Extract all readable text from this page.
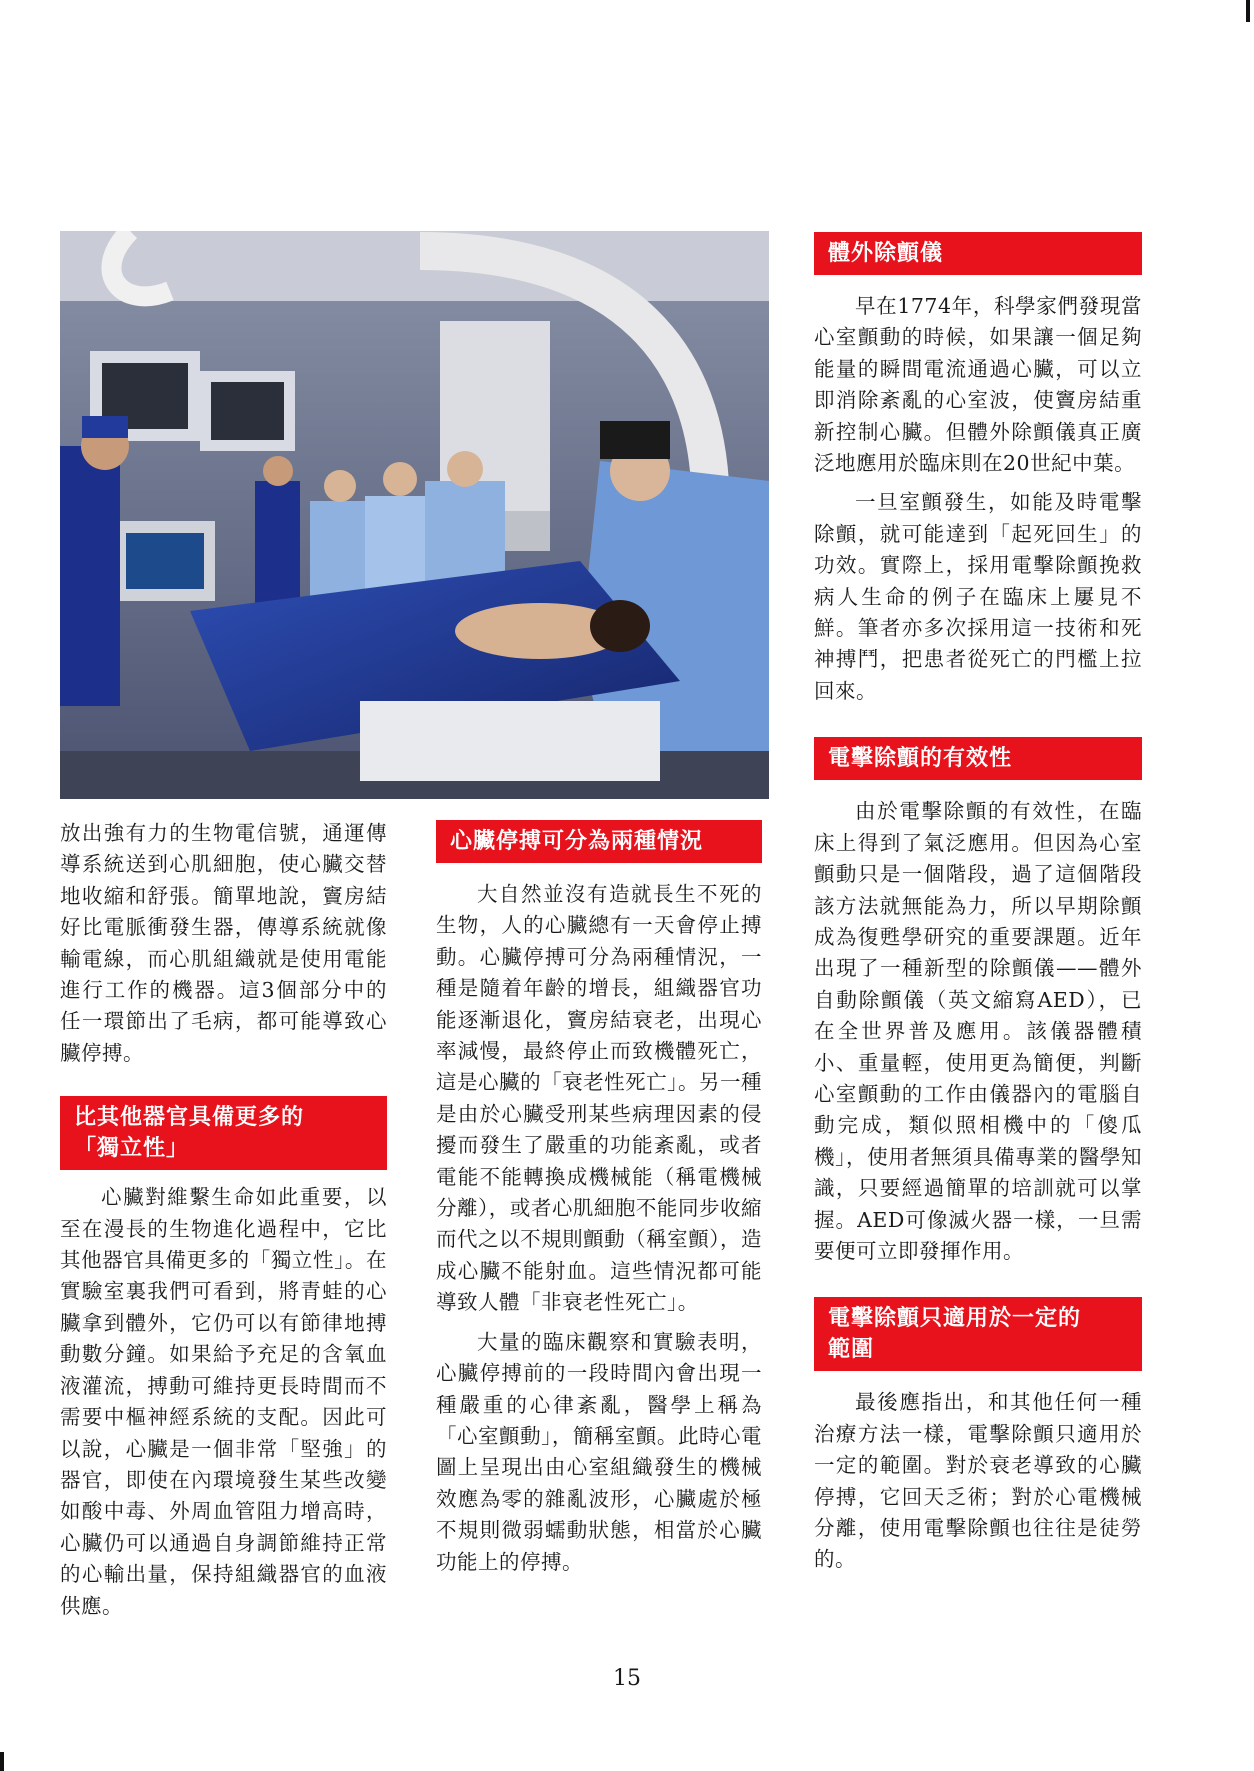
放出強有力的生物電信號，通運傳導系統送到心肌細胞，使心臟交替地收縮和舒張。簡單地說，竇房結好比電脈衝發生器，傳導系統就像輸電線，而心肌組織就是使用電能進行工作的機器。這3個部分中的任一環節出了毛病，都可能導致心臟停搏。

比其他器官具備更多的
「獨立性」

心臟對維繫生命如此重要，以至在漫長的生物進化過程中，它比其他器官具備更多的「獨立性」。在實驗室裏我們可看到，將青蛙的心臟拿到體外，它仍可以有節律地搏動數分鐘。如果給予充足的含氧血液灌流，搏動可維持更長時間而不需要中樞神經系統的支配。因此可以說，心臟是一個非常「堅強」的器官，即使在內環境發生某些改變如酸中毒、外周血管阻力增高時，心臟仍可以通過自身調節維持正常的心輸出量，保持組織器官的血液供應。

心臟停搏可分為兩種情況

大自然並沒有造就長生不死的生物，人的心臟總有一天會停止搏動。心臟停搏可分為兩種情況，一種是隨着年齡的增長，組織器官功能逐漸退化，竇房結衰老，出現心率減慢，最終停止而致機體死亡，這是心臟的「衰老性死亡」。另一種是由於心臟受刑某些病理因素的侵擾而發生了嚴重的功能紊亂，或者電能不能轉換成機械能（稱電機械分離），或者心肌細胞不能同步收縮而代之以不規則顫動（稱室顫），造成心臟不能射血。這些情況都可能導致人體「非衰老性死亡」。

大量的臨床觀察和實驗表明，心臟停搏前的一段時間內會出現一種嚴重的心律紊亂，醫學上稱為「心室顫動」，簡稱室顫。此時心電圖上呈現出由心室組織發生的機械效應為零的雜亂波形，心臟處於極不規則微弱蠕動狀態，相當於心臟功能上的停搏。

體外除顫儀

早在1774年，科學家們發現當心室顫動的時候，如果讓一個足夠能量的瞬間電流通過心臟，可以立即消除紊亂的心室波，使竇房結重新控制心臟。但體外除顫儀真正廣泛地應用於臨床則在20世紀中葉。

一旦室顫發生，如能及時電擊除顫，就可能達到「起死回生」的功效。實際上，採用電擊除顫挽救病人生命的例子在臨床上屢見不鮮。筆者亦多次採用這一技術和死神搏鬥，把患者從死亡的門檻上拉回來。

電擊除顫的有效性

由於電擊除顫的有效性，在臨床上得到了氣泛應用。但因為心室顫動只是一個階段，過了這個階段該方法就無能為力，所以早期除顫成為復甦學研究的重要課題。近年出現了一種新型的除顫儀——體外自動除顫儀（英文縮寫AED），已在全世界普及應用。該儀器體積小、重量輕，使用更為簡便，判斷心室顫動的工作由儀器內的電腦自動完成，類似照相機中的「傻瓜機」，使用者無須具備專業的醫學知識，只要經過簡單的培訓就可以掌握。AED可像滅火器一樣，一旦需要便可立即發揮作用。

電擊除顫只適用於一定的
範圍

最後應指出，和其他任何一種治療方法一樣，電擊除顫只適用於一定的範圍。對於衰老導致的心臟停搏，它回天乏術；對於心電機械分離，使用電擊除顫也往往是徒勞的。

15
